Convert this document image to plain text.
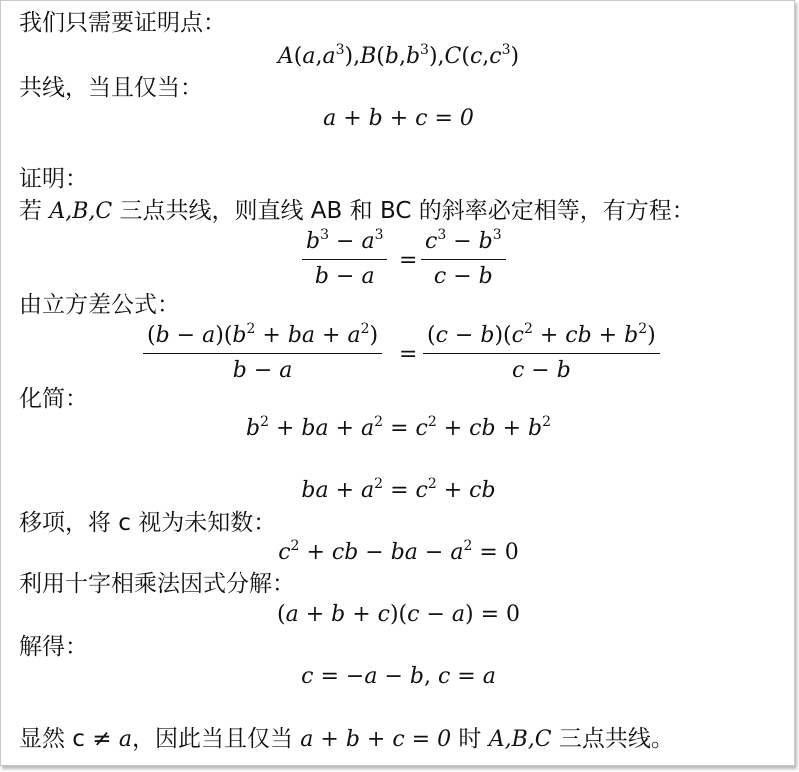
我们只需要证明点：
$A(a,a^3),B(b,b^3),C(c,c^3)$
共线，当且仅当：
a + b + c = 0
证明：
若 A,B,C 三点共线，则直线 AB 和 BC 的斜率必定相等，有方程：
$b^3 - a^3$
b − a
=
$c^3 - b^3$
c − b
由立方差公式：
$(b - a)(b^2$ + ba + $a^2$)
b − a
=
$(c - b)(c^2$ + cb + $b^2$)
c − b
化简：
$b^2$ + ba + $a^2 = c^2$ + cb + $b^2$
ba + $a^2 = c^2$ + cb
移项，将 c 视为未知数：
$c^2$ + cb − ba − $a^2 = 0$
利用十字相乘法因式分解：
(a + b + c)(c − a) = 0
解得：
c = −a − b, c = a
显然 c ≠ a，因此当且仅当 a + b + c = 0 时 A,B,C 三点共线。
